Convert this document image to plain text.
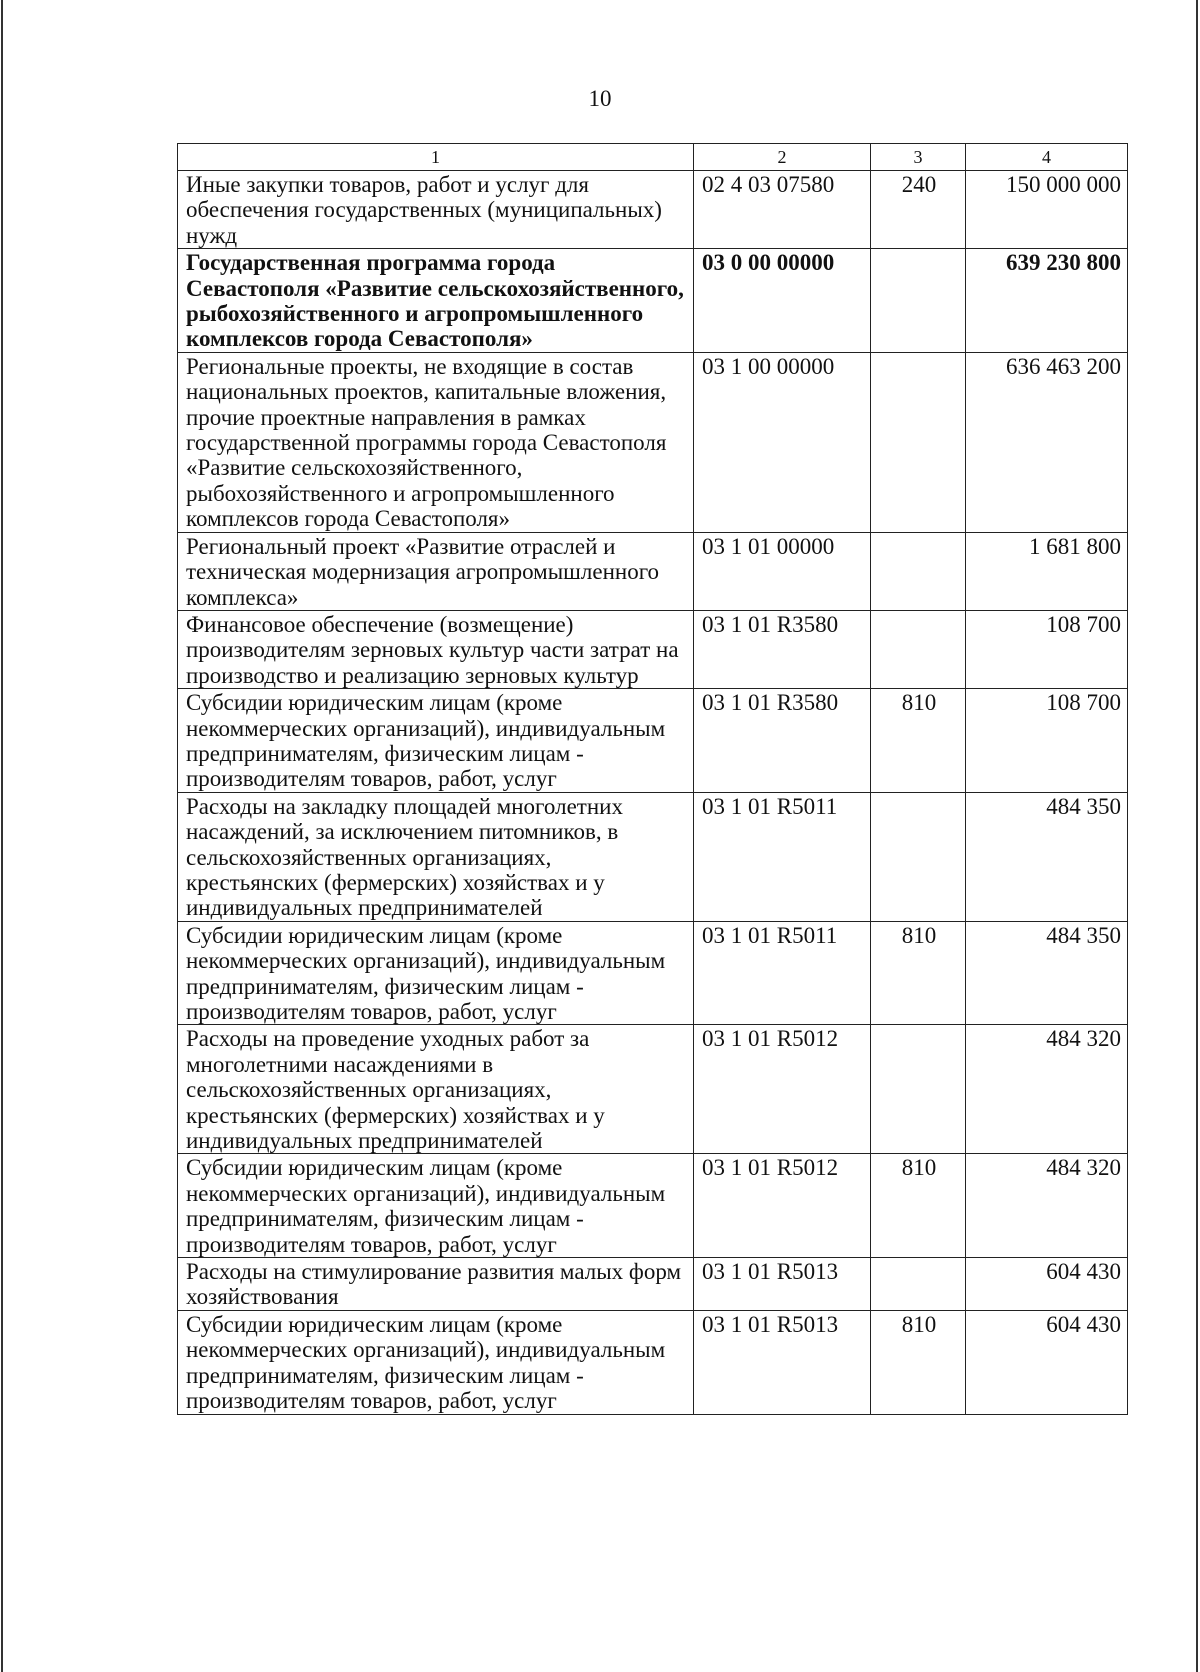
10
1	2	3	4
Иные закупки товаров, работ и услуг для обеспечения государственных (муниципальных) нужд	02 4 03 07580	240	150 000 000
Государственная программа города Севастополя «Развитие сельскохозяйственного, рыбохозяйственного и агропромышленного комплексов города Севастополя»	03 0 00 00000		639 230 800
Региональные проекты, не входящие в состав национальных проектов, капитальные вложения, прочие проектные направления в рамках государственной программы города Севастополя «Развитие сельскохозяйственного, рыбохозяйственного и агропромышленного комплексов города Севастополя»	03 1 00 00000		636 463 200
Региональный проект «Развитие отраслей и техническая модернизация агропромышленного комплекса»	03 1 01 00000		1 681 800
Финансовое обеспечение (возмещение) производителям зерновых культур части затрат на производство и реализацию зерновых культур	03 1 01 R3580		108 700
Субсидии юридическим лицам (кроме некоммерческих организаций), индивидуальным предпринимателям, физическим лицам - производителям товаров, работ, услуг	03 1 01 R3580	810	108 700
Расходы на закладку площадей многолетних насаждений, за исключением питомников, в сельскохозяйственных организациях, крестьянских (фермерских) хозяйствах и у индивидуальных предпринимателей	03 1 01 R5011		484 350
Субсидии юридическим лицам (кроме некоммерческих организаций), индивидуальным предпринимателям, физическим лицам - производителям товаров, работ, услуг	03 1 01 R5011	810	484 350
Расходы на проведение уходных работ за многолетними насаждениями в сельскохозяйственных организациях, крестьянских (фермерских) хозяйствах и у индивидуальных предпринимателей	03 1 01 R5012		484 320
Субсидии юридическим лицам (кроме некоммерческих организаций), индивидуальным предпринимателям, физическим лицам - производителям товаров, работ, услуг	03 1 01 R5012	810	484 320
Расходы на стимулирование развития малых форм хозяйствования	03 1 01 R5013		604 430
Субсидии юридическим лицам (кроме некоммерческих организаций), индивидуальным предпринимателям, физическим лицам - производителям товаров, работ, услуг	03 1 01 R5013	810	604 430
